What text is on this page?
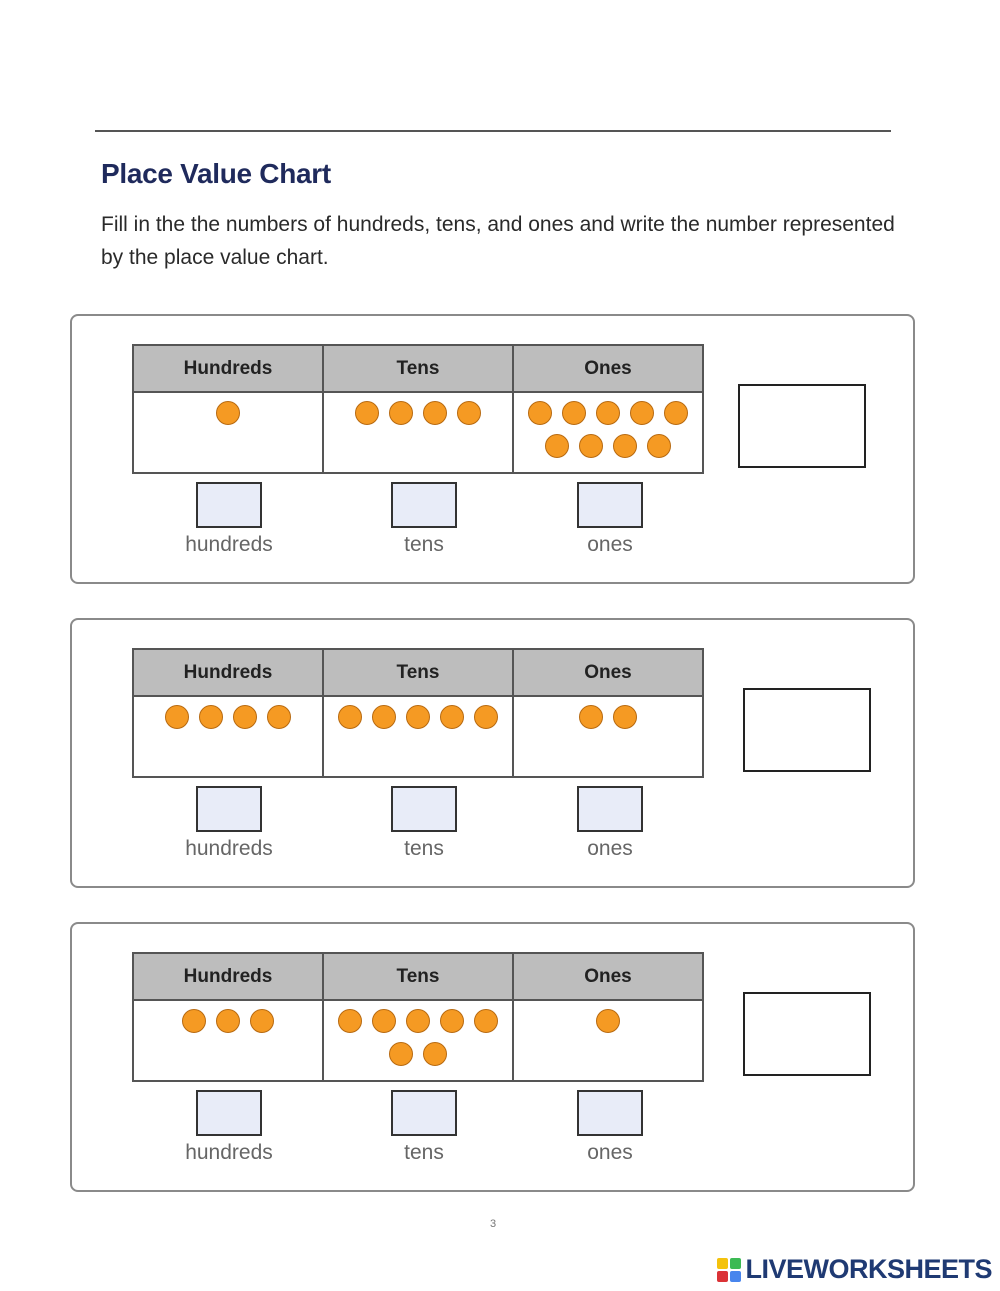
Place Value Chart

Fill in the the numbers of hundreds, tens, and ones and write the number represented by the place value chart.

Hundreds	Tens	Ones
hundreds	tens	ones
Hundreds	Tens	Ones
hundreds	tens	ones
Hundreds	Tens	Ones
hundreds	tens	ones
3
LIVEWORKSHEETS
